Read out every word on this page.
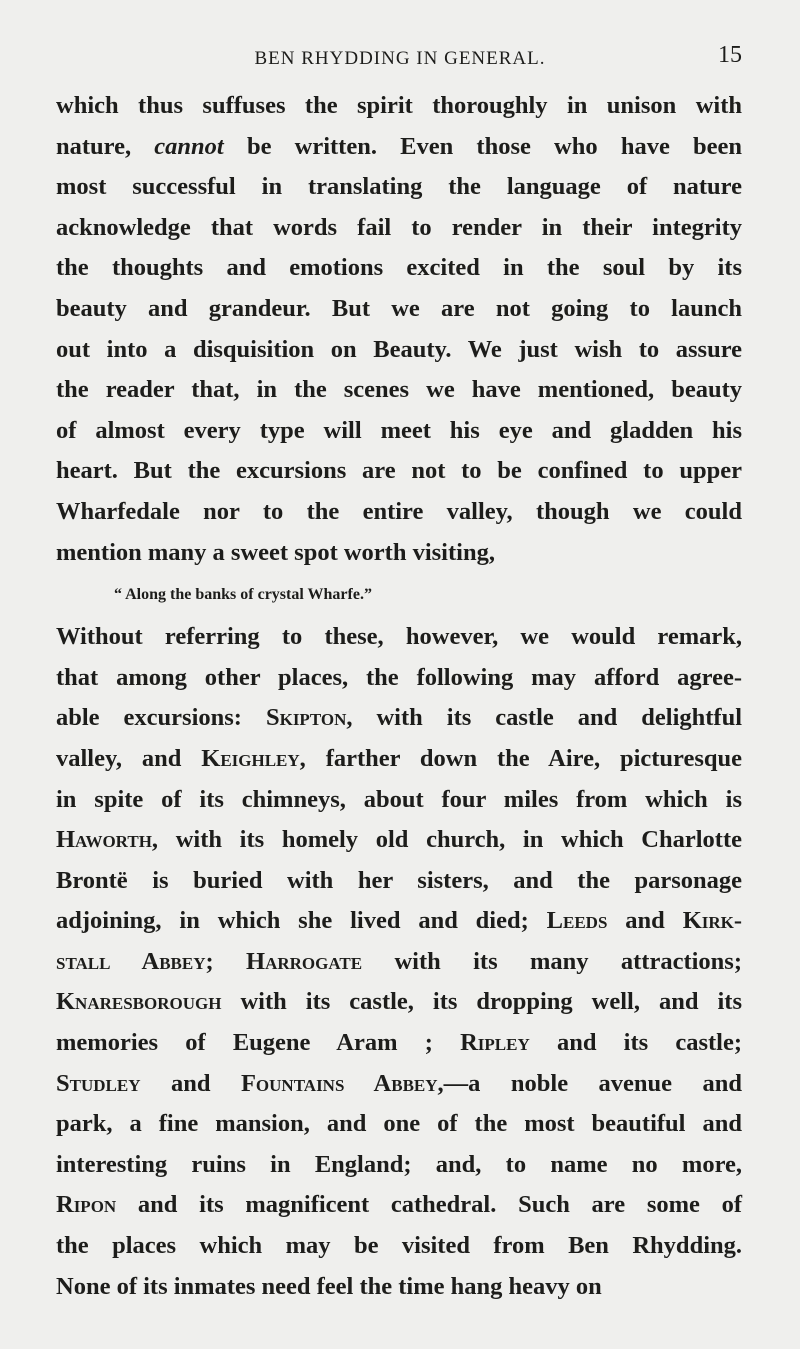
BEN RHYDDING IN GENERAL.	15
which thus suffuses the spirit thoroughly in unison with
nature, cannot be written. Even those who have been
most successful in translating the language of nature
acknowledge that words fail to render in their integrity
the thoughts and emotions excited in the soul by its
beauty and grandeur. But we are not going to launch
out into a disquisition on Beauty. We just wish to assure
the reader that, in the scenes we have mentioned, beauty
of almost every type will meet his eye and gladden his
heart. But the excursions are not to be confined to upper
Wharfedale nor to the entire valley, though we could
mention many a sweet spot worth visiting,
“ Along the banks of crystal Wharfe.”
Without referring to these, however, we would remark,
that among other places, the following may afford agree-
able excursions: Skipton, with its castle and delightful
valley, and Keighley, farther down the Aire, picturesque
in spite of its chimneys, about four miles from which is
Haworth, with its homely old church, in which Charlotte
Brontë is buried with her sisters, and the parsonage
adjoining, in which she lived and died; Leeds and Kirk-
stall Abbey; Harrogate with its many attractions;
Knaresborough with its castle, its dropping well, and its
memories of Eugene Aram ; Ripley and its castle;
Studley and Fountains Abbey,—a noble avenue and
park, a fine mansion, and one of the most beautiful and
interesting ruins in England; and, to name no more,
Ripon and its magnificent cathedral. Such are some of
the places which may be visited from Ben Rhydding.
None of its inmates need feel the time hang heavy on
